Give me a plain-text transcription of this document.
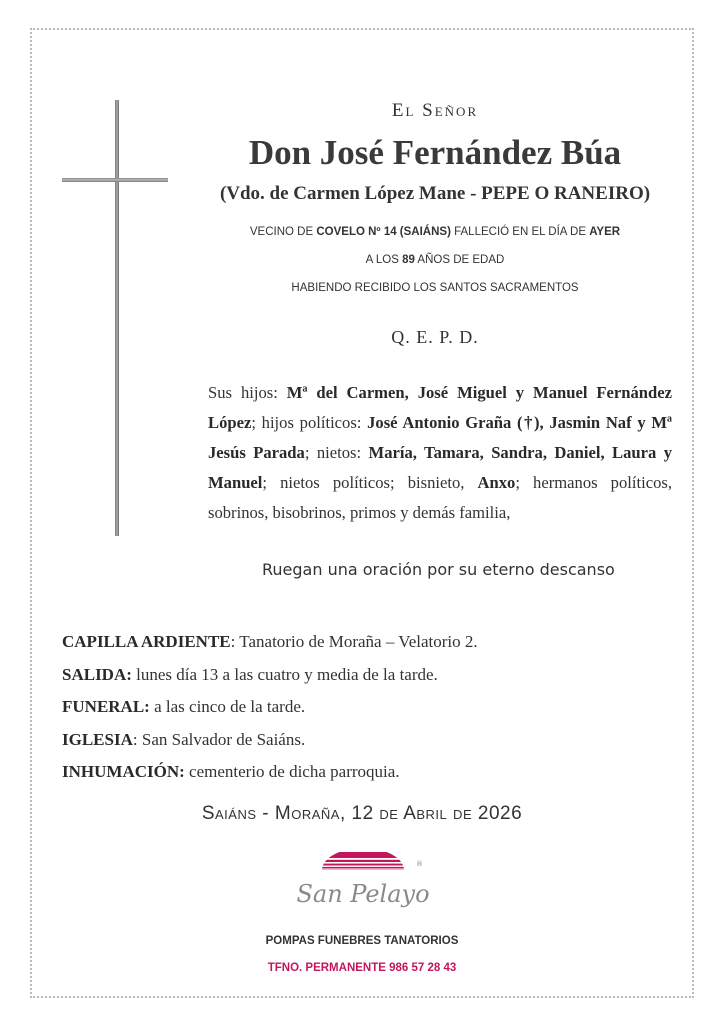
El Señor
Don José Fernández Búa
(Vdo. de Carmen López Mane - PEPE O RANEIRO)
VECINO DE COVELO Nº 14 (SAIÁNS) FALLECIÓ EN EL DÍA DE AYER
A LOS 89 AÑOS DE EDAD
HABIENDO RECIBIDO LOS SANTOS SACRAMENTOS
Q. E. P. D.
Sus hijos: Mª del Carmen, José Miguel y Manuel Fernández López; hijos políticos: José Antonio Graña (†), Jasmin Naf y Mª Jesús Parada; nietos: María, Tamara, Sandra, Daniel, Laura y Manuel; nietos políticos; bisnieto, Anxo; hermanos políticos, sobrinos, bisobrinos, primos y demás familia,
Ruegan una oración por su eterno descanso
CAPILLA ARDIENTE: Tanatorio de Moraña – Velatorio 2.
SALIDA: lunes día 13 a las cuatro y media de la tarde.
FUNERAL: a las cinco de la tarde.
IGLESIA: San Salvador de Saiáns.
INHUMACIÓN: cementerio de dicha parroquia.
Saiáns - Moraña, 12 de Abril de 2026
San Pelayo
®
POMPAS FUNEBRES TANATORIOS
TFNO. PERMANENTE 986 57 28 43
